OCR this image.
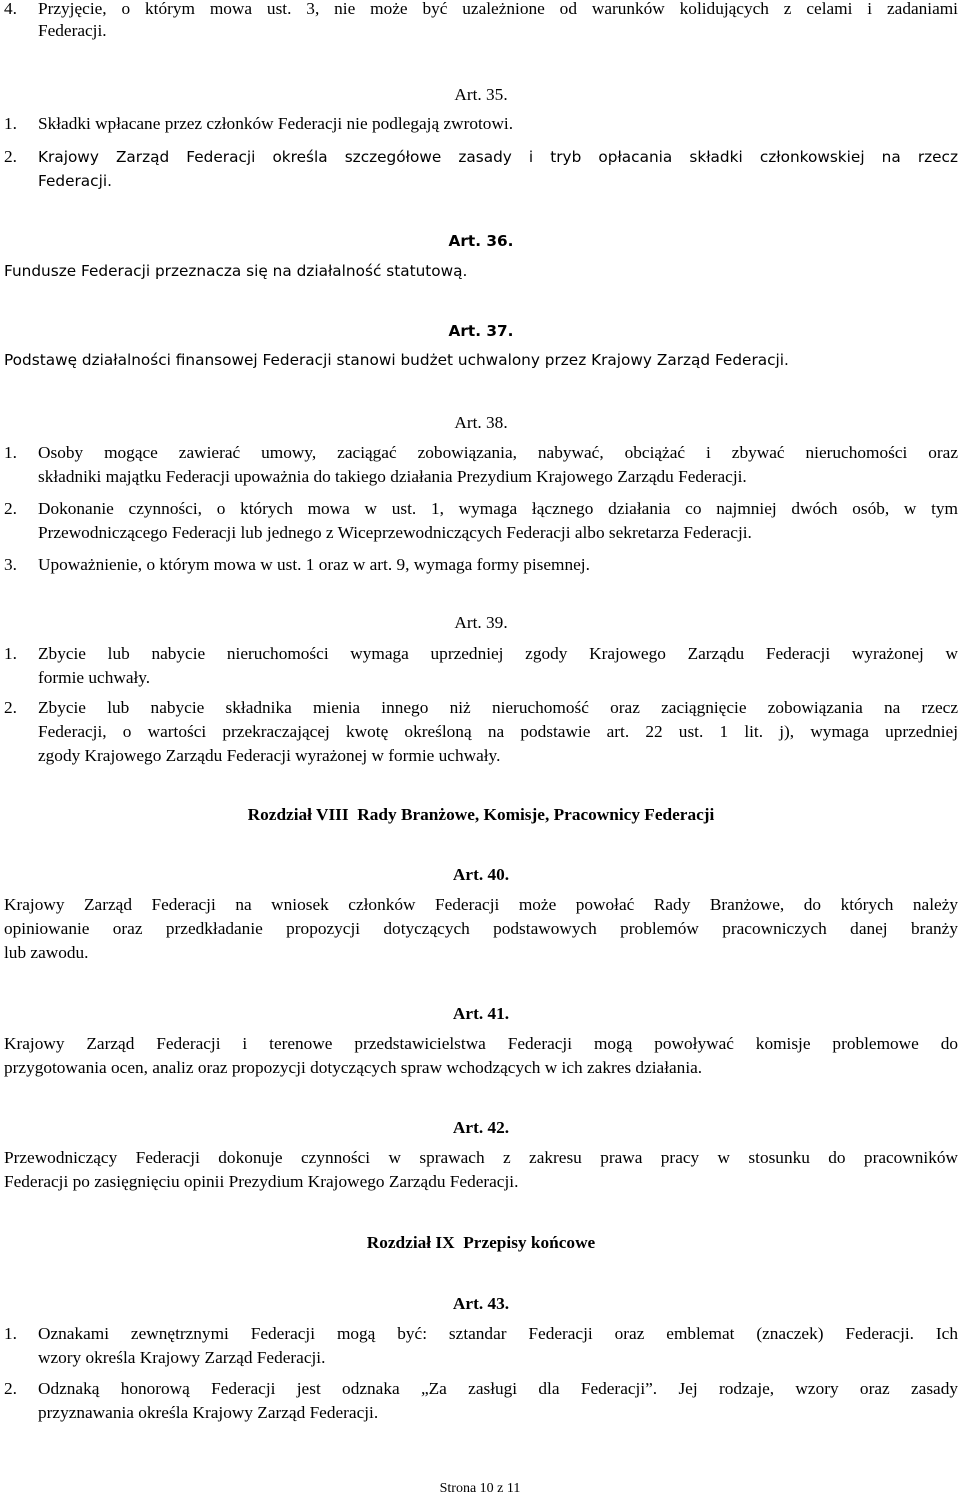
4. Przyjęcie, o którym mowa ust. 3, nie może być uzależnione od warunków kolidujących z celami i zadaniami
Federacji.
Art. 35.
1. Składki wpłacane przez członków Federacji nie podlegają zwrotowi.
2. Krajowy Zarząd Federacji określa szczegółowe zasady i tryb opłacania składki członkowskiej na rzecz
Federacji.
Art. 36.
Fundusze Federacji przeznacza się na działalność statutową.
Art. 37.
Podstawę działalności finansowej Federacji stanowi budżet uchwalony przez Krajowy Zarząd Federacji.
Art. 38.
1. Osoby mogące zawierać umowy, zaciągać zobowiązania, nabywać, obciążać i zbywać nieruchomości oraz
składniki majątku Federacji upoważnia do takiego działania Prezydium Krajowego Zarządu Federacji.
2. Dokonanie czynności, o których mowa w ust. 1, wymaga łącznego działania co najmniej dwóch osób, w tym
Przewodniczącego Federacji lub jednego z Wiceprzewodniczących Federacji albo sekretarza Federacji.
3. Upoważnienie, o którym mowa w ust. 1 oraz w art. 9, wymaga formy pisemnej.
Art. 39.
1. Zbycie lub nabycie nieruchomości wymaga uprzedniej zgody Krajowego Zarządu Federacji wyrażonej w
formie uchwały.
2. Zbycie lub nabycie składnika mienia innego niż nieruchomość oraz zaciągnięcie zobowiązania na rzecz
Federacji, o wartości przekraczającej kwotę określoną na podstawie art. 22 ust. 1 lit. j), wymaga uprzedniej
zgody Krajowego Zarządu Federacji wyrażonej w formie uchwały.
Rozdział VIII  Rady Branżowe, Komisje, Pracownicy Federacji
Art. 40.
Krajowy Zarząd Federacji na wniosek członków Federacji może powołać Rady Branżowe, do których należy
opiniowanie oraz przedkładanie propozycji dotyczących podstawowych problemów pracowniczych danej branży
lub zawodu.
Art. 41.
Krajowy Zarząd Federacji i terenowe przedstawicielstwa Federacji mogą powoływać komisje problemowe do
przygotowania ocen, analiz oraz propozycji dotyczących spraw wchodzących w ich zakres działania.
Art. 42.
Przewodniczący Federacji dokonuje czynności w sprawach z zakresu prawa pracy w stosunku do pracowników
Federacji po zasięgnięciu opinii Prezydium Krajowego Zarządu Federacji.
Rozdział IX  Przepisy końcowe
Art. 43.
1. Oznakami zewnętrznymi Federacji mogą być: sztandar Federacji oraz emblemat (znaczek) Federacji. Ich
wzory określa Krajowy Zarząd Federacji.
2. Odznaką honorową Federacji jest odznaka „Za zasługi dla Federacji”. Jej rodzaje, wzory oraz zasady
przyznawania określa Krajowy Zarząd Federacji.
Strona 10 z 11
